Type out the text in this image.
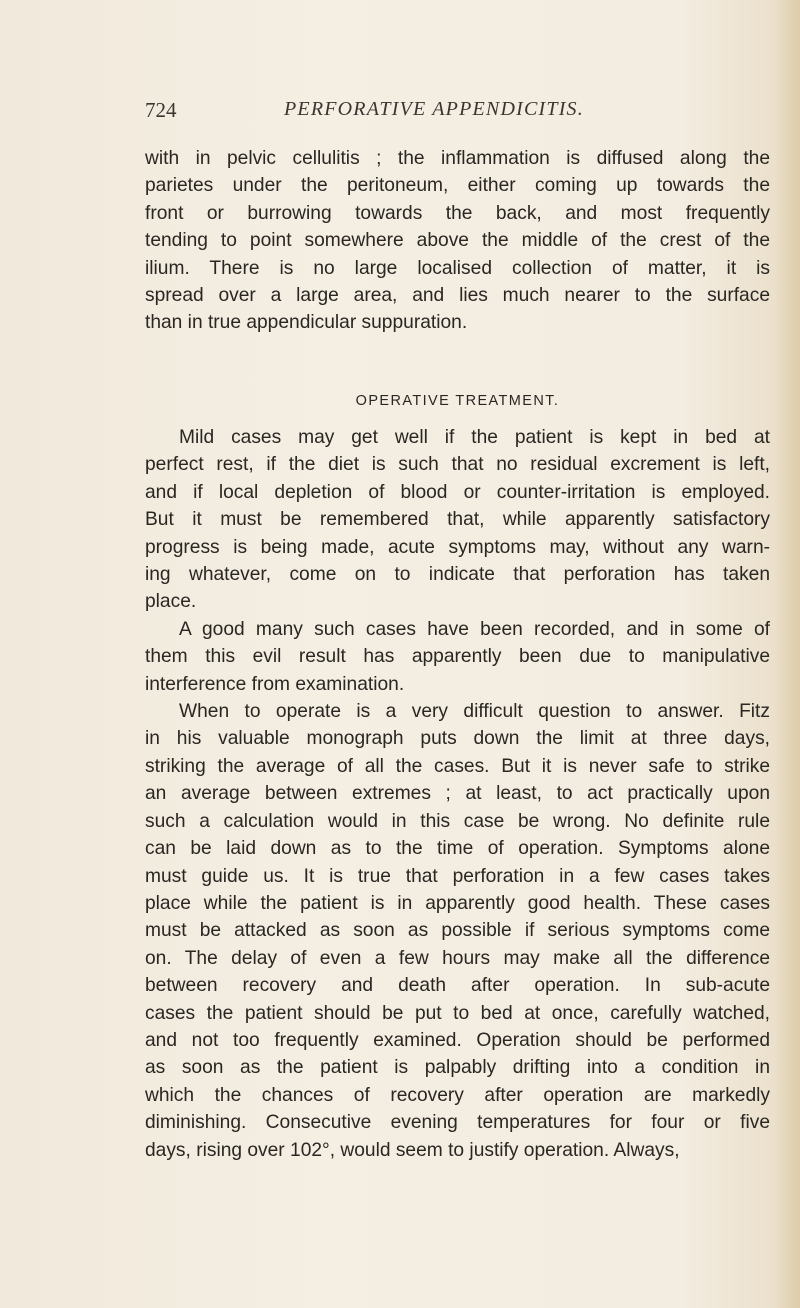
724	PERFORATIVE APPENDICITIS.
with in pelvic cellulitis ; the inflammation is diffused along the
parietes under the peritoneum, either coming up towards the
front or burrowing towards the back, and most frequently
tending to point somewhere above the middle of the crest of the
ilium. There is no large localised collection of matter, it is
spread over a large area, and lies much nearer to the surface
than in true appendicular suppuration.
OPERATIVE TREATMENT.
Mild cases may get well if the patient is kept in bed at
perfect rest, if the diet is such that no residual excrement is left,
and if local depletion of blood or counter-irritation is employed.
But it must be remembered that, while apparently satisfactory
progress is being made, acute symptoms may, without any warn-
ing whatever, come on to indicate that perforation has taken
place.
A good many such cases have been recorded, and in some of
them this evil result has apparently been due to manipulative
interference from examination.
When to operate is a very difficult question to answer. Fitz
in his valuable monograph puts down the limit at three days,
striking the average of all the cases. But it is never safe to strike
an average between extremes ; at least, to act practically upon
such a calculation would in this case be wrong. No definite rule
can be laid down as to the time of operation. Symptoms alone
must guide us. It is true that perforation in a few cases takes
place while the patient is in apparently good health. These cases
must be attacked as soon as possible if serious symptoms come
on. The delay of even a few hours may make all the difference
between recovery and death after operation. In sub-acute
cases the patient should be put to bed at once, carefully watched,
and not too frequently examined. Operation should be performed
as soon as the patient is palpably drifting into a condition in
which the chances of recovery after operation are markedly
diminishing. Consecutive evening temperatures for four or five
days, rising over 102°, would seem to justify operation. Always,
